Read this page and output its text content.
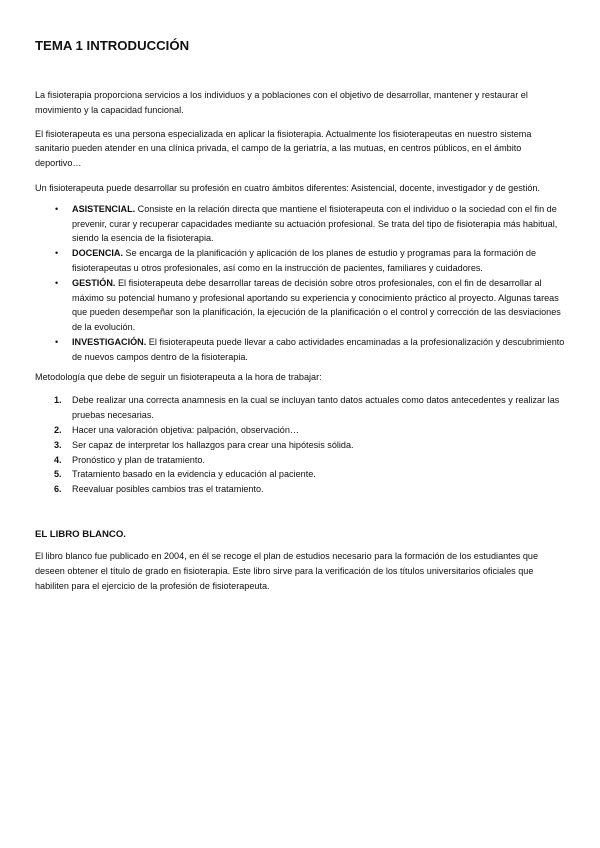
TEMA 1 INTRODUCCIÓN

La fisioterapia proporciona servicios a los individuos y a poblaciones con el objetivo de desarrollar, mantener y restaurar el movimiento y la capacidad funcional.

El fisioterapeuta es una persona especializada en aplicar la fisioterapia. Actualmente los fisioterapeutas en nuestro sistema sanitario pueden atender en una clínica privada, el campo de la geriatría, a las mutuas, en centros públicos, en el ámbito deportivo…

Un fisioterapeuta puede desarrollar su profesión en cuatro ámbitos diferentes: Asistencial, docente, investigador y de gestión.

• ASISTENCIAL. Consiste en la relación directa que mantiene el fisioterapeuta con el individuo o la sociedad con el fin de prevenir, curar y recuperar capacidades mediante su actuación profesional. Se trata del tipo de fisioterapia más habitual, siendo la esencia de la fisioterapia.
• DOCENCIA. Se encarga de la planificación y aplicación de los planes de estudio y programas para la formación de fisioterapeutas u otros profesionales, así como en la instrucción de pacientes, familiares y cuidadores.
• GESTIÓN. El fisioterapeuta debe desarrollar tareas de decisión sobre otros profesionales, con el fin de desarrollar al máximo su potencial humano y profesional aportando su experiencia y conocimiento práctico al proyecto. Algunas tareas que pueden desempeñar son la planificación, la ejecución de la planificación o el control y corrección de las desviaciones de la evolución.
• INVESTIGACIÓN. El fisioterapeuta puede llevar a cabo actividades encaminadas a la profesionalización y descubrimiento de nuevos campos dentro de la fisioterapia.

Metodología que debe de seguir un fisioterapeuta a la hora de trabajar:

1. Debe realizar una correcta anamnesis en la cual se incluyan tanto datos actuales como datos antecedentes y realizar las pruebas necesarias.
2. Hacer una valoración objetiva: palpación, observación…
3. Ser capaz de interpretar los hallazgos para crear una hipótesis sólida.
4. Pronóstico y plan de tratamiento.
5. Tratamiento basado en la evidencia y educación al paciente.
6. Reevaluar posibles cambios tras el tratamiento.
EL LIBRO BLANCO.

El libro blanco fue publicado en 2004, en él se recoge el plan de estudios necesario para la formación de los estudiantes que deseen obtener el título de grado en fisioterapia. Este libro sirve para la verificación de los títulos universitarios oficiales que habiliten para el ejercicio de la profesión de fisioterapeuta.
